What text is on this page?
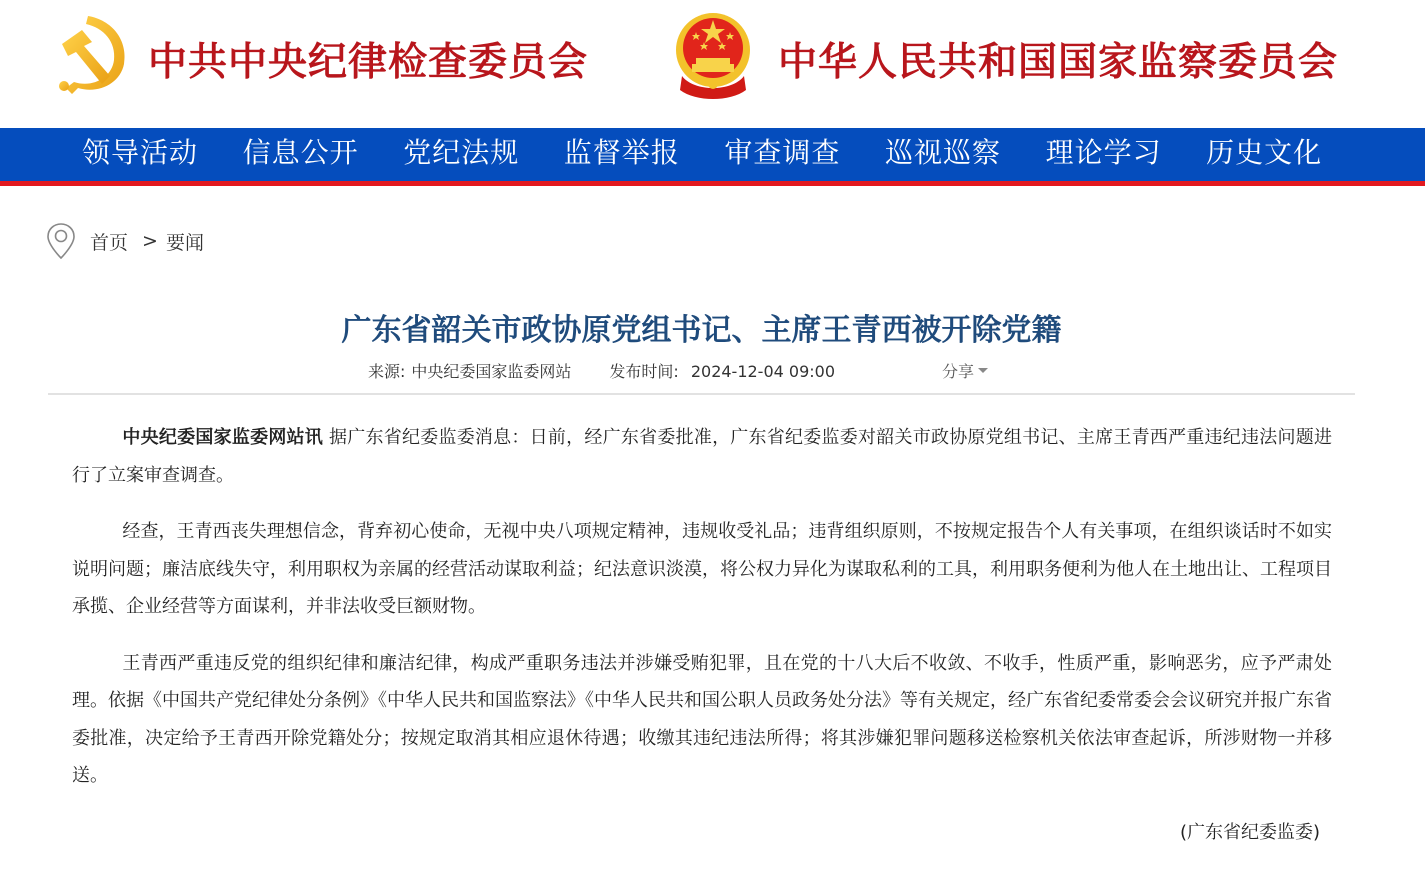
中共中央纪律检查委员会	中华人民共和国国家监察委员会
领导活动	信息公开	党纪法规	监督举报	审查调查	巡视巡察	理论学习	历史文化
首页 > 要闻
广东省韶关市政协原党组书记、主席王青西被开除党籍
来源: 中央纪委国家监委网站 发布时间: 2024-12-04 09:00	分享

中央纪委国家监委网站讯 据广东省纪委监委消息：日前，经广东省委批准，广东省纪委监委对韶关市政协原党组书记、主席王青西严重违纪违法问题进行了立案审查调查。

经查，王青西丧失理想信念，背弃初心使命，无视中央八项规定精神，违规收受礼品；违背组织原则，不按规定报告个人有关事项，在组织谈话时不如实说明问题；廉洁底线失守，利用职权为亲属的经营活动谋取利益；纪法意识淡漠，将公权力异化为谋取私利的工具，利用职务便利为他人在土地出让、工程项目承揽、企业经营等方面谋利，并非法收受巨额财物。

王青西严重违反党的组织纪律和廉洁纪律，构成严重职务违法并涉嫌受贿犯罪，且在党的十八大后不收敛、不收手，性质严重，影响恶劣，应予严肃处理。依据《中国共产党纪律处分条例》《中华人民共和国监察法》《中华人民共和国公职人员政务处分法》等有关规定，经广东省纪委常委会会议研究并报广东省委批准，决定给予王青西开除党籍处分；按规定取消其相应退休待遇；收缴其违纪违法所得；将其涉嫌犯罪问题移送检察机关依法审查起诉，所涉财物一并移送。

(广东省纪委监委)
